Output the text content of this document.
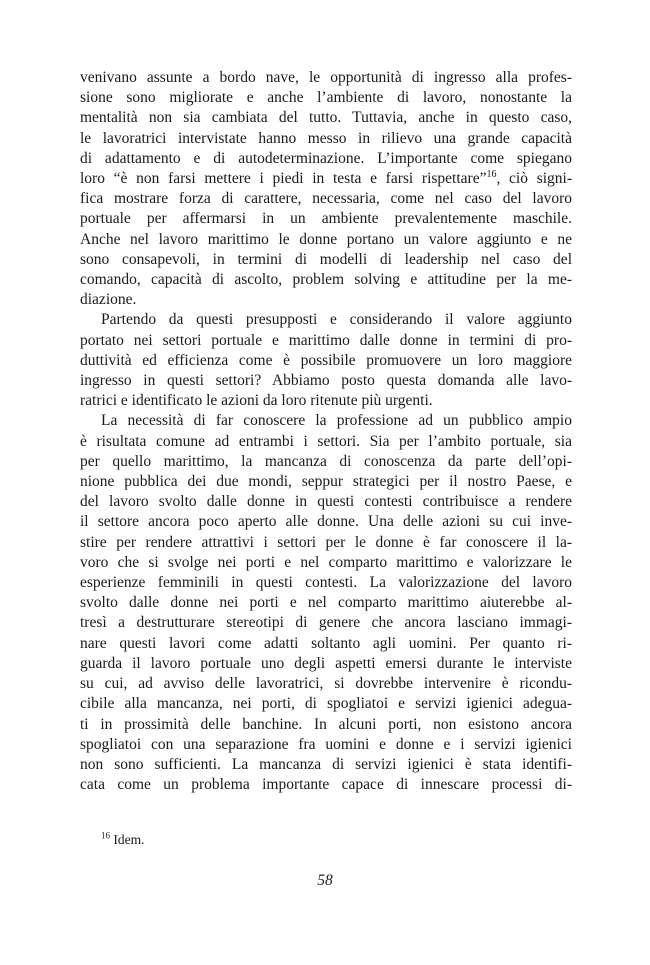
venivano assunte a bordo nave, le opportunità di ingresso alla profes-
sione sono migliorate e anche l’ambiente di lavoro, nonostante la
mentalità non sia cambiata del tutto. Tuttavia, anche in questo caso,
le lavoratrici intervistate hanno messo in rilievo una grande capacità
di adattamento e di autodeterminazione. L’importante come spiegano
loro “è non farsi mettere i piedi in testa e farsi rispettare”$^{16}$, ciò signi-
fica mostrare forza di carattere, necessaria, come nel caso del lavoro
portuale per affermarsi in un ambiente prevalentemente maschile.
Anche nel lavoro marittimo le donne portano un valore aggiunto e ne
sono consapevoli, in termini di modelli di leadership nel caso del
comando, capacità di ascolto, problem solving e attitudine per la me-
diazione.
Partendo da questi presupposti e considerando il valore aggiunto
portato nei settori portuale e marittimo dalle donne in termini di pro-
duttività ed efficienza come è possibile promuovere un loro maggiore
ingresso in questi settori? Abbiamo posto questa domanda alle lavo-
ratrici e identificato le azioni da loro ritenute più urgenti.
La necessità di far conoscere la professione ad un pubblico ampio
è risultata comune ad entrambi i settori. Sia per l’ambito portuale, sia
per quello marittimo, la mancanza di conoscenza da parte dell’opi-
nione pubblica dei due mondi, seppur strategici per il nostro Paese, e
del lavoro svolto dalle donne in questi contesti contribuisce a rendere
il settore ancora poco aperto alle donne. Una delle azioni su cui inve-
stire per rendere attrattivi i settori per le donne è far conoscere il la-
voro che si svolge nei porti e nel comparto marittimo e valorizzare le
esperienze femminili in questi contesti. La valorizzazione del lavoro
svolto dalle donne nei porti e nel comparto marittimo aiuterebbe al-
tresì a destrutturare stereotipi di genere che ancora lasciano immagi-
nare questi lavori come adatti soltanto agli uomini. Per quanto ri-
guarda il lavoro portuale uno degli aspetti emersi durante le interviste
su cui, ad avviso delle lavoratrici, si dovrebbe intervenire è ricondu-
cibile alla mancanza, nei porti, di spogliatoi e servizi igienici adegua-
ti in prossimità delle banchine. In alcuni porti, non esistono ancora
spogliatoi con una separazione fra uomini e donne e i servizi igienici
non sono sufficienti. La mancanza di servizi igienici è stata identifi-
cata come un problema importante capace di innescare processi di-
$^{16}$ Idem.
58
